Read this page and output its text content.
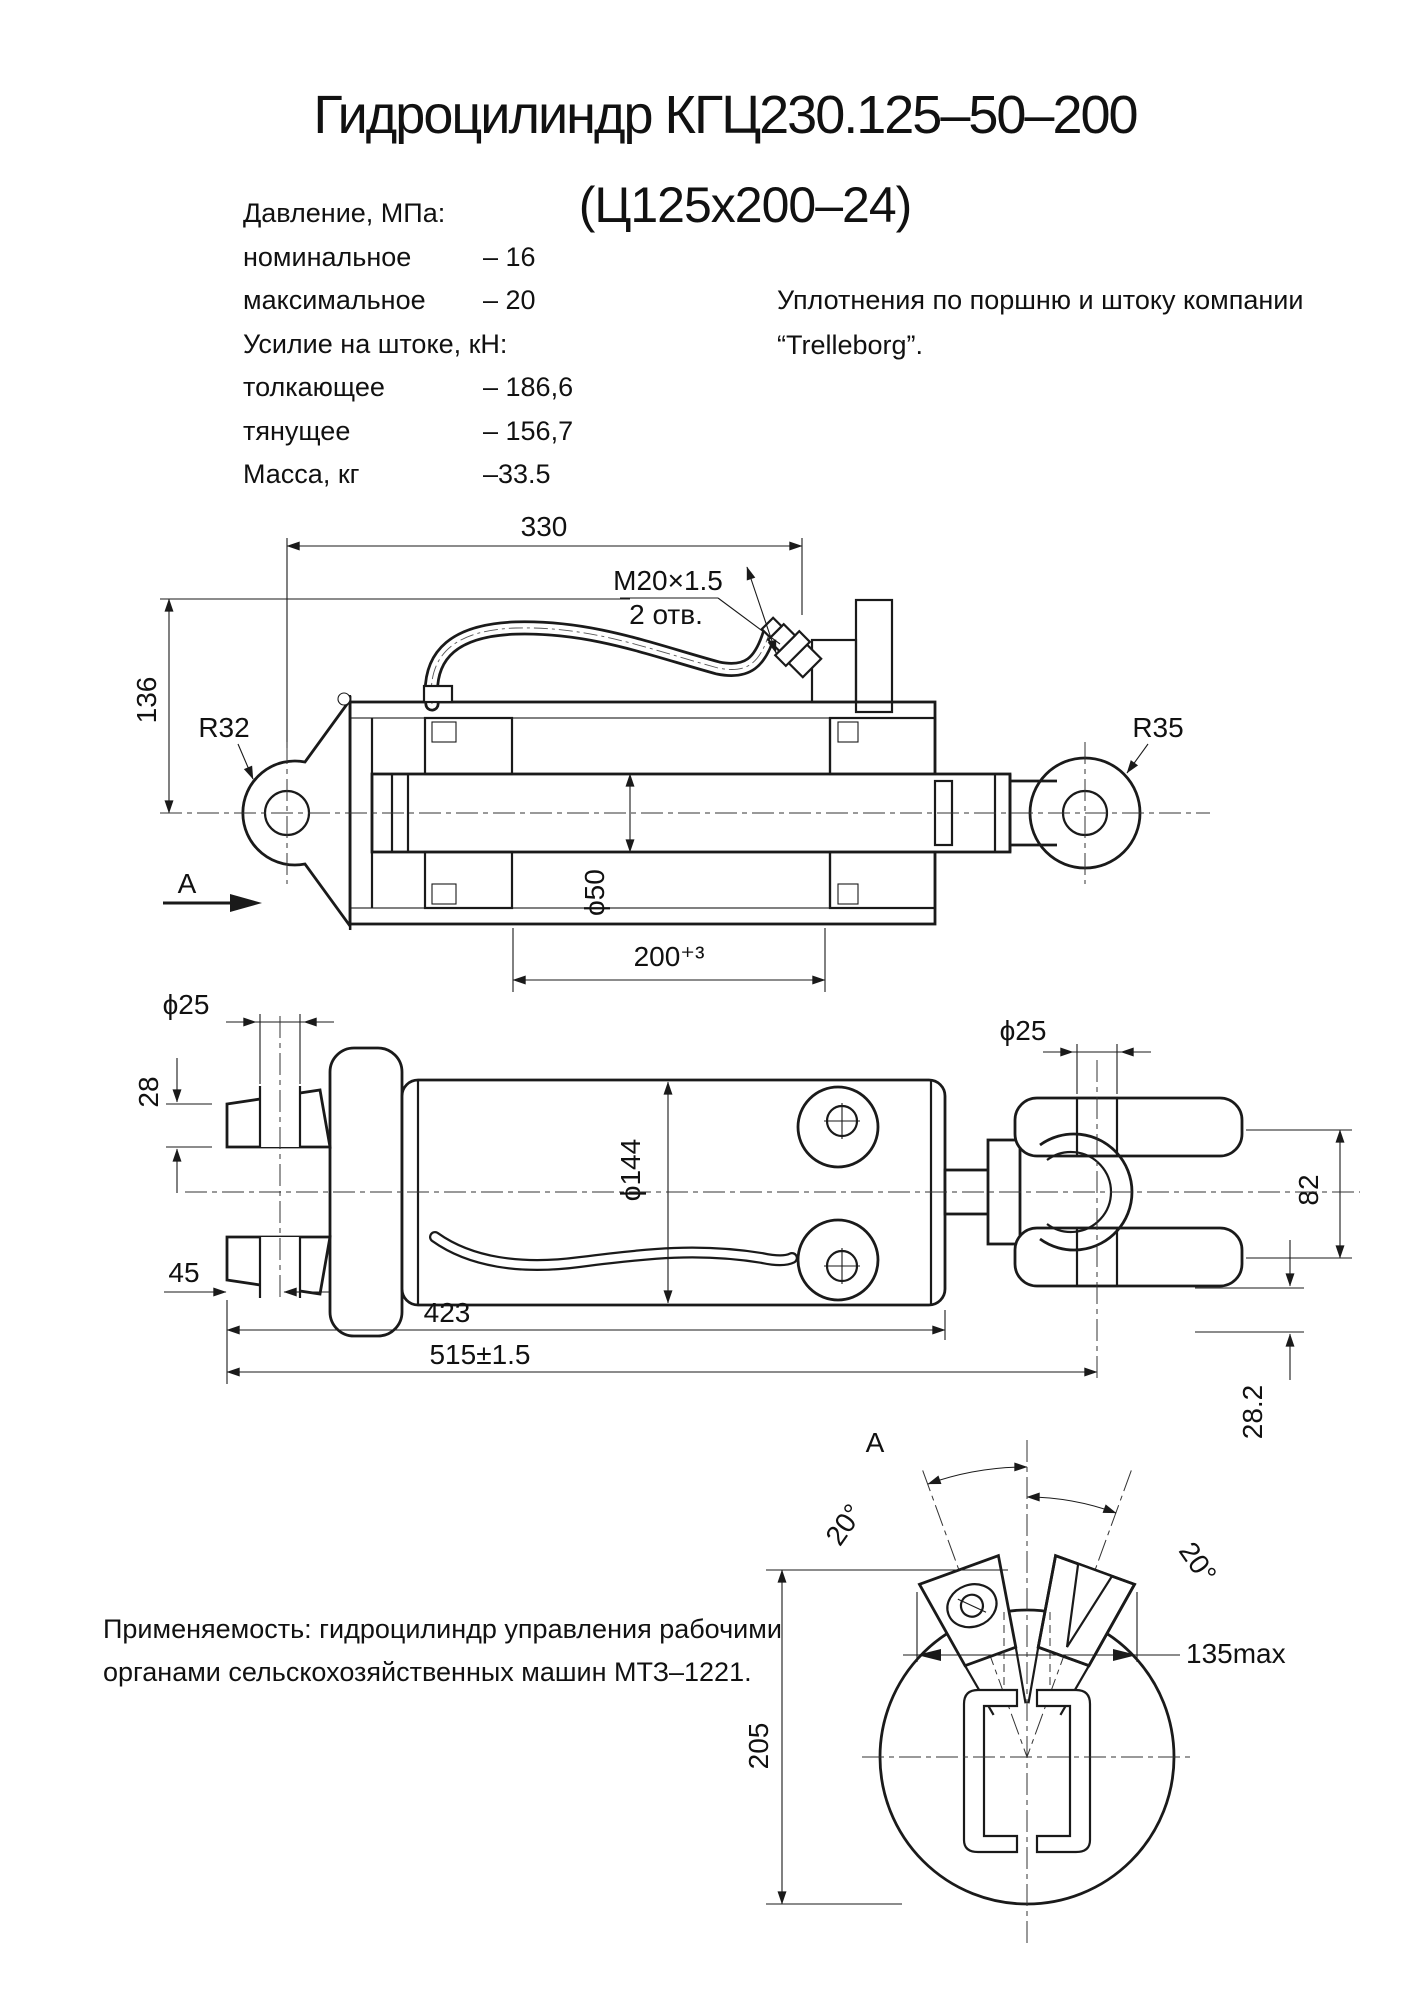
Гидроцилиндр КГЦ230.125–50–200
(Ц125х200–24)
Давление, МПа:
номинальное	– 16
максимальное – 20
Усилие на штоке, кН:
толкающее	– 186,6
тянущее	– 156,7
Масса, кг	–33.5
Уплотнения по поршню и штоку компании
“Trelleborg”.
Применяемость: гидроцилиндр управления рабочими
органами сельскохозяйственных машин МТЗ–1221.
330
136
R32	R35
M20×1.5
2 отв.
ϕ50
200⁺³
A
ϕ25
28
ϕ144
ϕ25
82
28.2
45
423
515±1.5
A
20°
20°
135max
205
